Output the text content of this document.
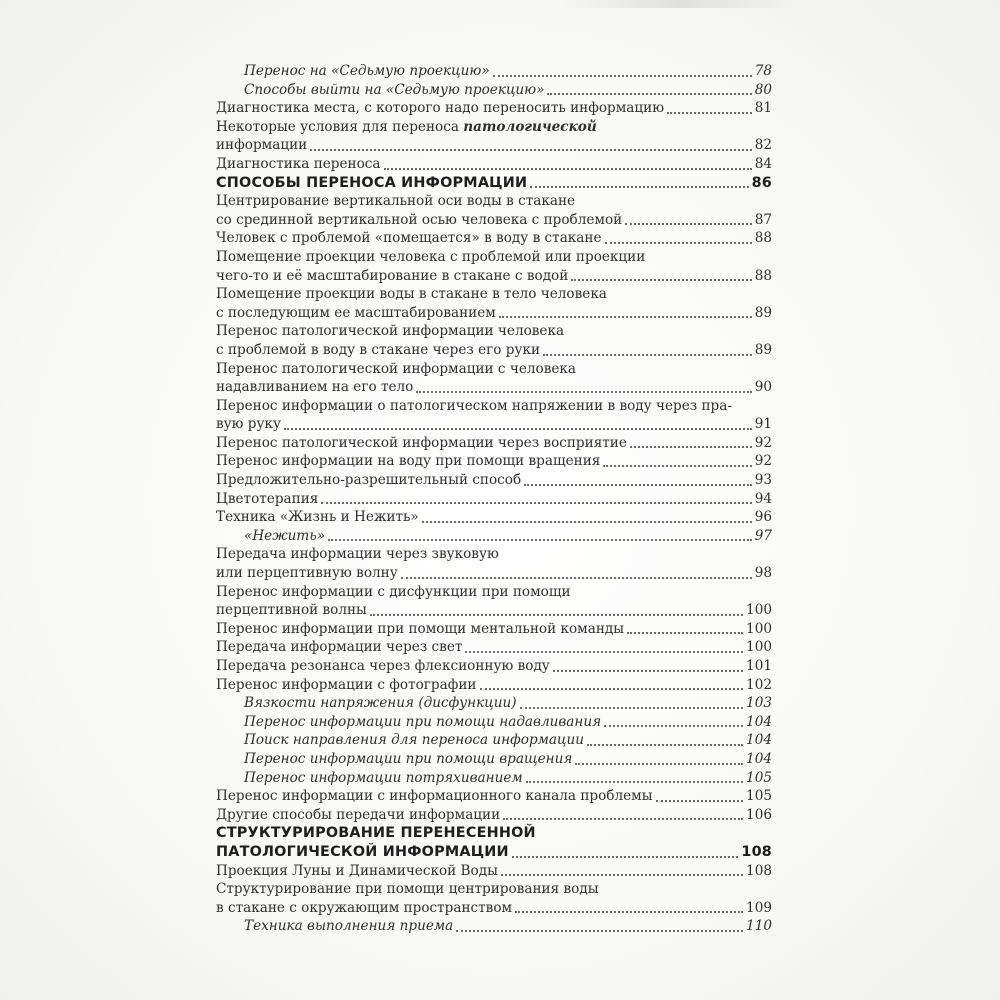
Перенос на «Седьмую проекцию»	78
Способы выйти на «Седьмую проекцию»	80
Диагностика места, с которого надо переносить информацию	81
Некоторые условия для переноса патологической
информации	82
Диагностика переноса	84
СПОСОБЫ ПЕРЕНОСА ИНФОРМАЦИИ	86
Центрирование вертикальной оси воды в стакане
со срединной вертикальной осью человека с проблемой	87
Человек с проблемой «помещается» в воду в стакане	88
Помещение проекции человека с проблемой или проекции
чего-то и её масштабирование в стакане с водой	88
Помещение проекции воды в стакане в тело человека
с последующим ее масштабированием	89
Перенос патологической информации человека
с проблемой в воду в стакане через его руки	89
Перенос патологической информации с человека
надавливанием на его тело	90
Перенос информации о патологическом напряжении в воду через пра-
вую руку	91
Перенос патологической информации через восприятие	92
Перенос информации на воду при помощи вращения	92
Предложительно-разрешительный способ	93
Цветотерапия	94
Техника «Жизнь и Нежить»	96
«Нежить»	97
Передача информации через звуковую
или перцептивную волну	98
Перенос информации с дисфункции при помощи
перцептивной волны	100
Перенос информации при помощи ментальной команды	100
Передача информации через свет	100
Передача резонанса через флексионную воду	101
Перенос информации с фотографии	102
Вязкости напряжения (дисфункции)	103
Перенос информации при помощи надавливания	104
Поиск направления для переноса информации	104
Перенос информации при помощи вращения	104
Перенос информации потряхиванием	105
Перенос информации с информационного канала проблемы	105
Другие способы передачи информации	106
СТРУКТУРИРОВАНИЕ ПЕРЕНЕСЕННОЙ
ПАТОЛОГИЧЕСКОЙ ИНФОРМАЦИИ	108
Проекция Луны и Динамической Воды	108
Структурирование при помощи центрирования воды
в стакане с окружающим пространством	109
Техника выполнения приема	110
